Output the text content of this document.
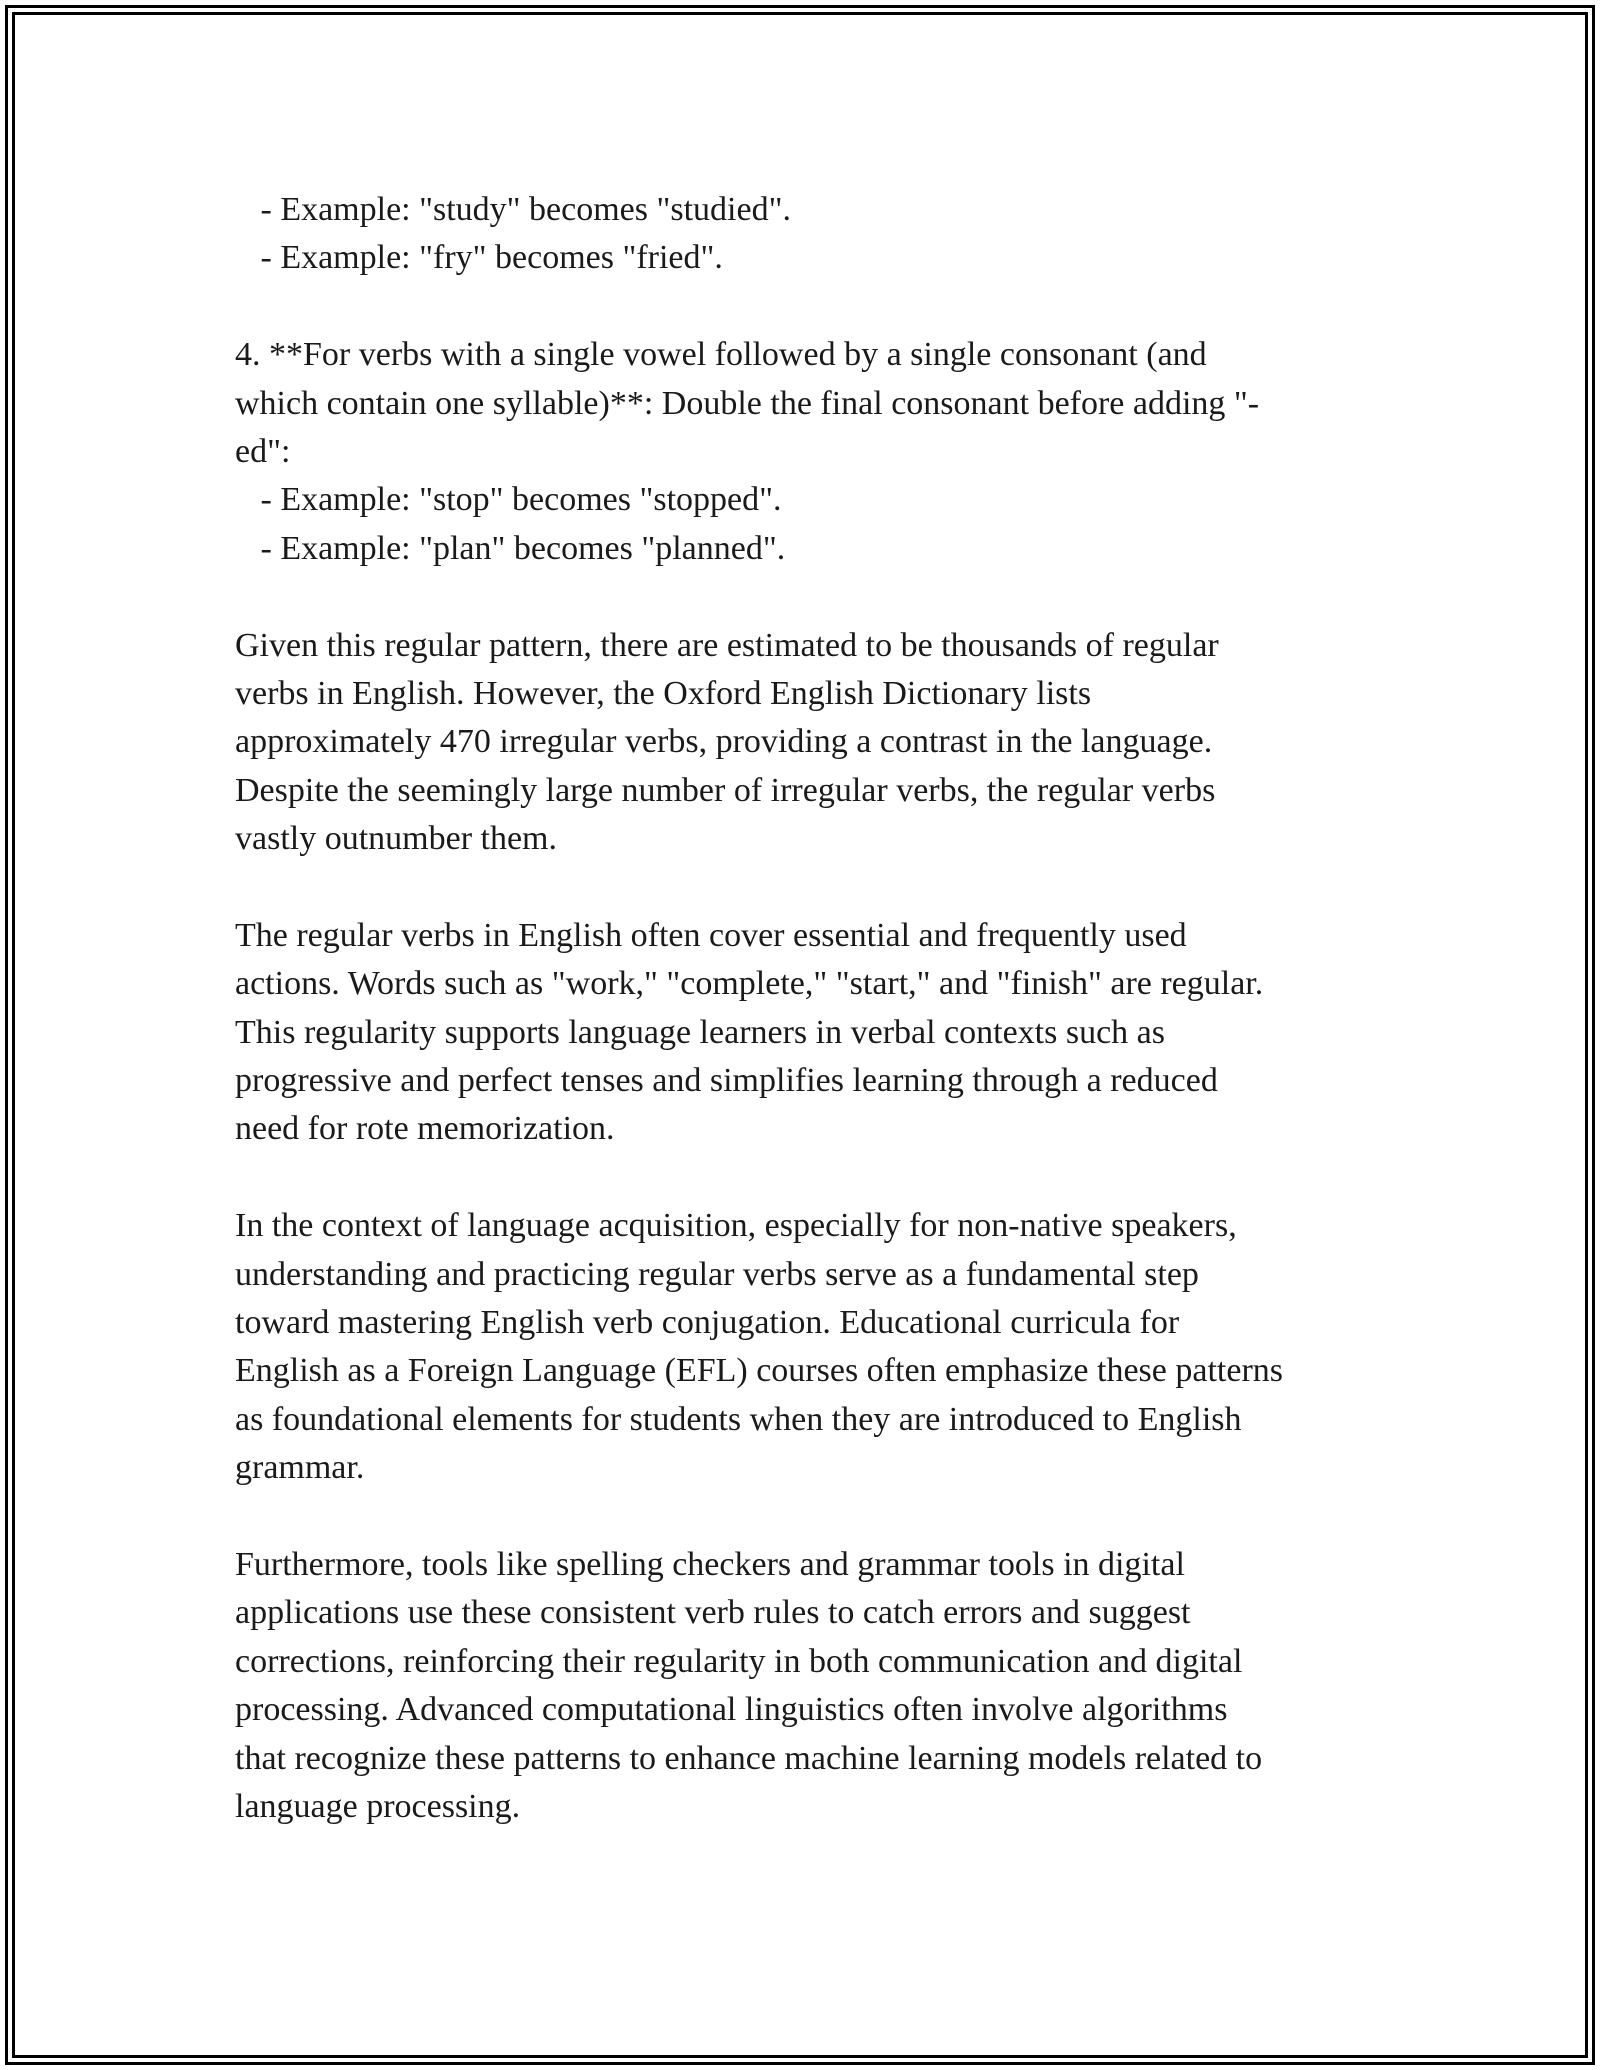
- Example: "study" becomes "studied".
- Example: "fry" becomes "fried".
4. **For verbs with a single vowel followed by a single consonant (and
which contain one syllable)**: Double the final consonant before adding "-
ed":
- Example: "stop" becomes "stopped".
- Example: "plan" becomes "planned".
Given this regular pattern, there are estimated to be thousands of regular
verbs in English. However, the Oxford English Dictionary lists
approximately 470 irregular verbs, providing a contrast in the language.
Despite the seemingly large number of irregular verbs, the regular verbs
vastly outnumber them.
The regular verbs in English often cover essential and frequently used
actions. Words such as "work," "complete," "start," and "finish" are regular.
This regularity supports language learners in verbal contexts such as
progressive and perfect tenses and simplifies learning through a reduced
need for rote memorization.
In the context of language acquisition, especially for non-native speakers,
understanding and practicing regular verbs serve as a fundamental step
toward mastering English verb conjugation. Educational curricula for
English as a Foreign Language (EFL) courses often emphasize these patterns
as foundational elements for students when they are introduced to English
grammar.
Furthermore, tools like spelling checkers and grammar tools in digital
applications use these consistent verb rules to catch errors and suggest
corrections, reinforcing their regularity in both communication and digital
processing. Advanced computational linguistics often involve algorithms
that recognize these patterns to enhance machine learning models related to
language processing.
